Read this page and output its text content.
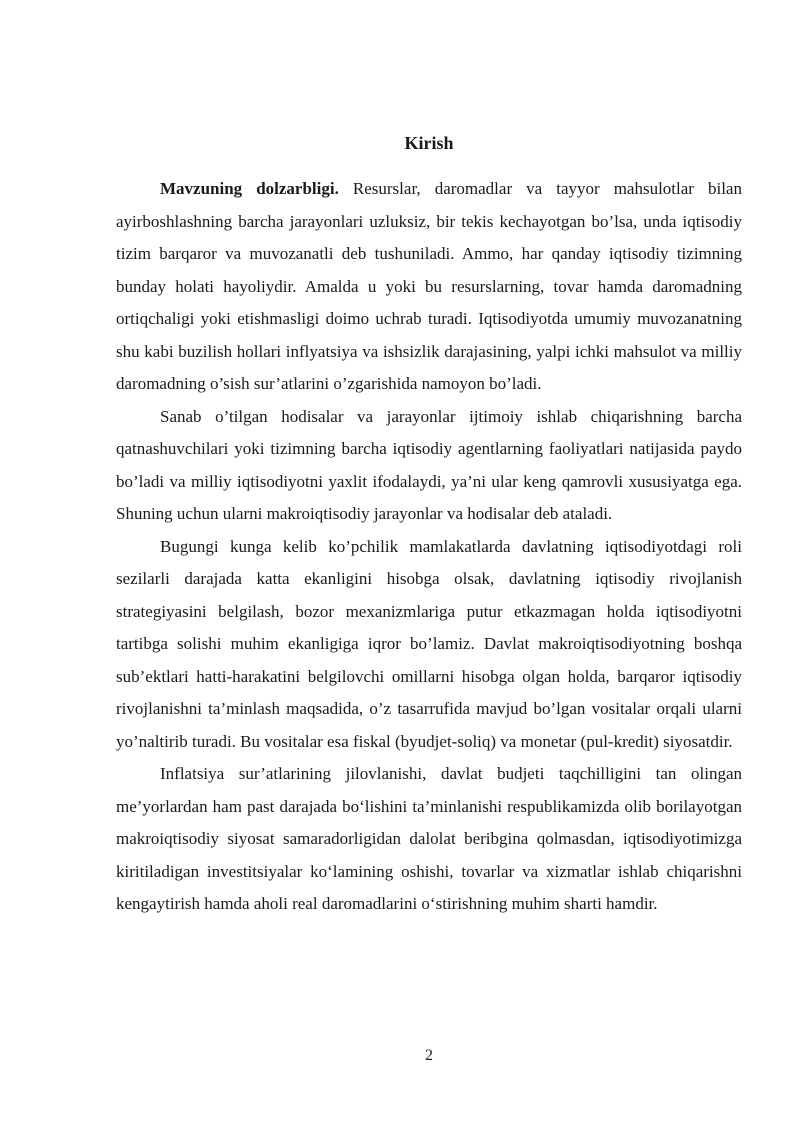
Kirish

Mavzuning dolzarbligi. Resurslar, daromadlar va tayyor mahsulotlar bilan ayirboshlashning barcha jarayonlari uzluksiz, bir tekis kechayotgan bo’lsa, unda iqtisodiy tizim barqaror va muvozanatli deb tushuniladi. Ammo, har qanday iqtisodiy tizimning bunday holati hayoliydir. Amalda u yoki bu resurslarning, tovar hamda daromadning ortiqchaligi yoki etishmasligi doimo uchrab turadi. Iqtisodiyotda umumiy muvozanatning shu kabi buzilish hollari inflyatsiya va ishsizlik darajasining, yalpi ichki mahsulot va milliy daromadning o’sish sur’atlarini o’zgarishida namoyon bo’ladi.

Sanab o’tilgan hodisalar va jarayonlar ijtimoiy ishlab chiqarishning barcha qatnashuvchilari yoki tizimning barcha iqtisodiy agentlarning faoliyatlari natijasida paydo bo’ladi va milliy iqtisodiyotni yaxlit ifodalaydi, ya’ni ular keng qamrovli xususiyatga ega. Shuning uchun ularni makroiqtisodiy jarayonlar va hodisalar deb ataladi.

Bugungi kunga kelib ko’pchilik mamlakatlarda davlatning iqtisodiyotdagi roli sezilarli darajada katta ekanligini hisobga olsak, davlatning iqtisodiy rivojlanish strategiyasini belgilash, bozor mexanizmlariga putur etkazmagan holda iqtisodiyotni tartibga solishi muhim ekanligiga iqror bo’lamiz. Davlat makroiqtisodiyotning boshqa sub’ektlari hatti-harakatini belgilovchi omillarni hisobga olgan holda, barqaror iqtisodiy rivojlanishni ta’minlash maqsadida, o’z tasarrufida mavjud bo’lgan vositalar orqali ularni yo’naltirib turadi. Bu vositalar esa fiskal (byudjet-soliq) va monetar (pul-kredit) siyosatdir.

Inflatsiya sur’atlarining jilovlanishi, davlat budjeti taqchilligini tan olingan me’yorlardan ham past darajada bo‘lishini ta’minlanishi respublikamizda olib borilayotgan makroiqtisodiy siyosat samaradorligidan dalolat beribgina qolmasdan, iqtisodiyotimizga kiritiladigan investitsiyalar ko‘lamining oshishi, tovarlar va xizmatlar ishlab chiqarishni kengaytirish hamda aholi real daromadlarini o‘stirishning muhim sharti hamdir.

2
